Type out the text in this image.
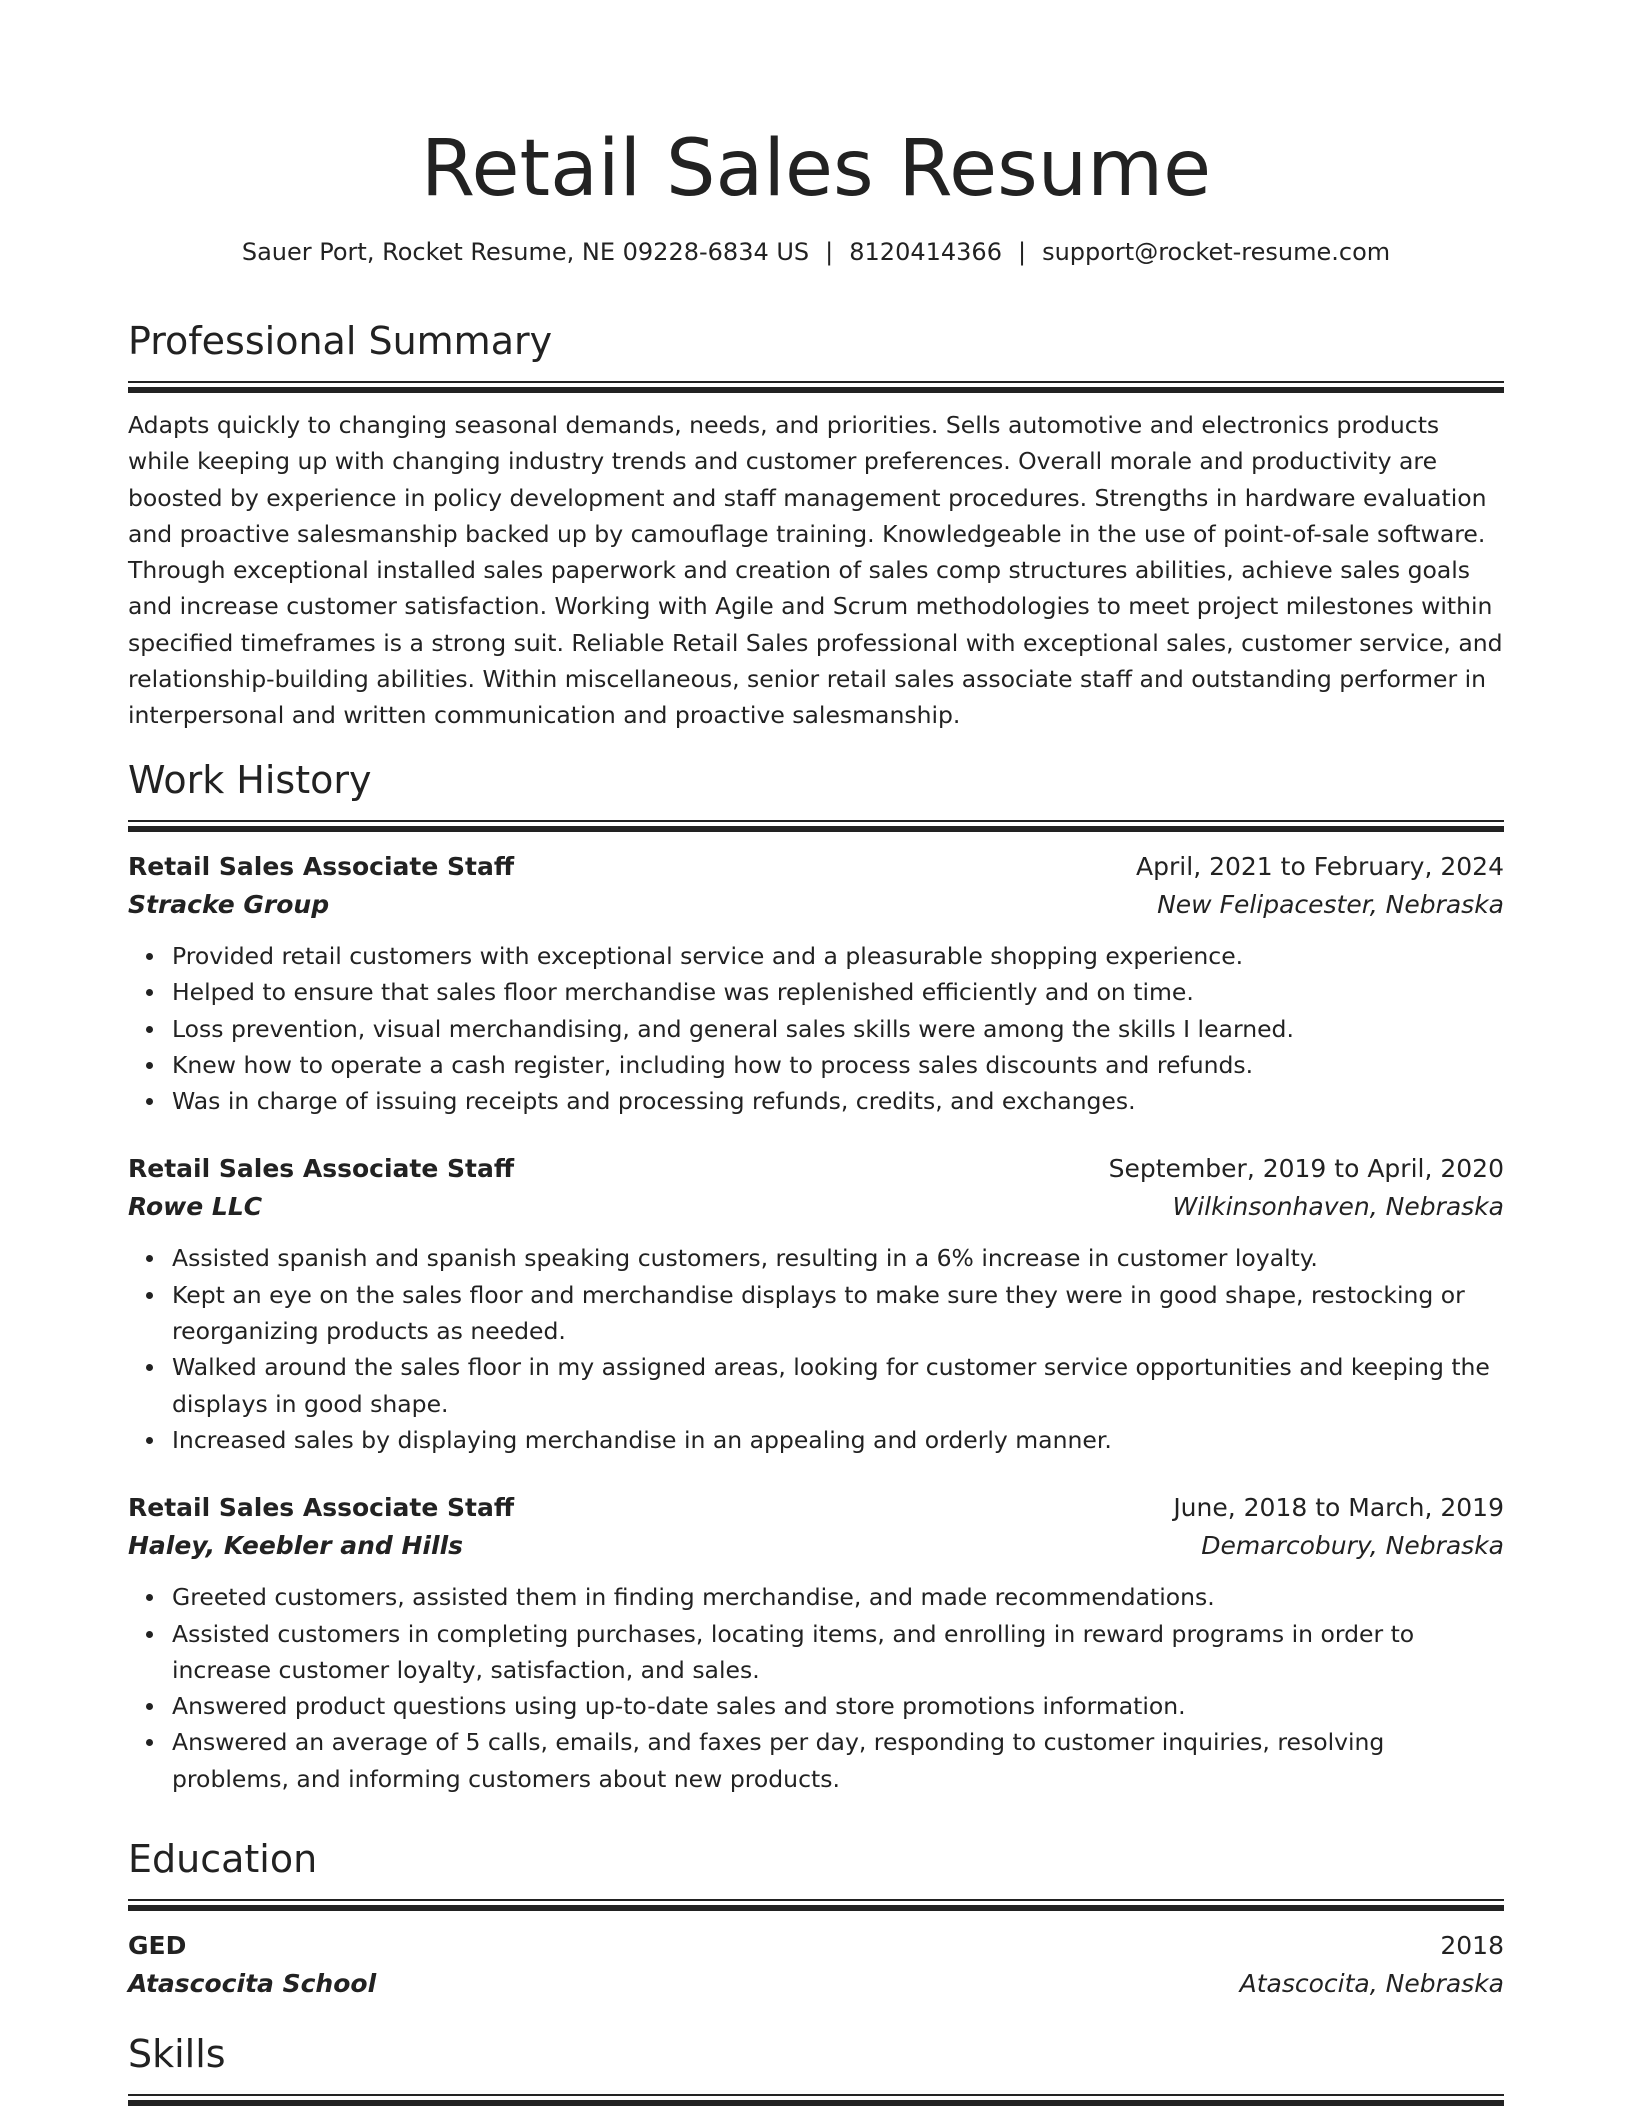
Retail Sales Resume
Sauer Port, Rocket Resume, NE 09228-6834 US | 8120414366 | support@rocket-resume.com
Professional Summary
Adapts quickly to changing seasonal demands, needs, and priorities. Sells automotive and electronics products while keeping up with changing industry trends and customer preferences. Overall morale and productivity are boosted by experience in policy development and staff management procedures. Strengths in hardware evaluation and proactive salesmanship backed up by camouflage training. Knowledgeable in the use of point-of-sale software. Through exceptional installed sales paperwork and creation of sales comp structures abilities, achieve sales goals and increase customer satisfaction. Working with Agile and Scrum methodologies to meet project milestones within specified timeframes is a strong suit. Reliable Retail Sales professional with exceptional sales, customer service, and relationship-building abilities. Within miscellaneous, senior retail sales associate staff and outstanding performer in interpersonal and written communication and proactive salesmanship.
Work History
Retail Sales Associate Staff	April, 2021 to February, 2024
Stracke Group	New Felipacester, Nebraska
Provided retail customers with exceptional service and a pleasurable shopping experience.
Helped to ensure that sales floor merchandise was replenished efficiently and on time.
Loss prevention, visual merchandising, and general sales skills were among the skills I learned.
Knew how to operate a cash register, including how to process sales discounts and refunds.
Was in charge of issuing receipts and processing refunds, credits, and exchanges.
Retail Sales Associate Staff	September, 2019 to April, 2020
Rowe LLC	Wilkinsonhaven, Nebraska
Assisted spanish and spanish speaking customers, resulting in a 6% increase in customer loyalty.
Kept an eye on the sales floor and merchandise displays to make sure they were in good shape, restocking or reorganizing products as needed.
Walked around the sales floor in my assigned areas, looking for customer service opportunities and keeping the displays in good shape.
Increased sales by displaying merchandise in an appealing and orderly manner.
Retail Sales Associate Staff	June, 2018 to March, 2019
Haley, Keebler and Hills	Demarcobury, Nebraska
Greeted customers, assisted them in finding merchandise, and made recommendations.
Assisted customers in completing purchases, locating items, and enrolling in reward programs in order to increase customer loyalty, satisfaction, and sales.
Answered product questions using up-to-date sales and store promotions information.
Answered an average of 5 calls, emails, and faxes per day, responding to customer inquiries, resolving problems, and informing customers about new products.
Education
GED	2018
Atascocita School	Atascocita, Nebraska
Skills
